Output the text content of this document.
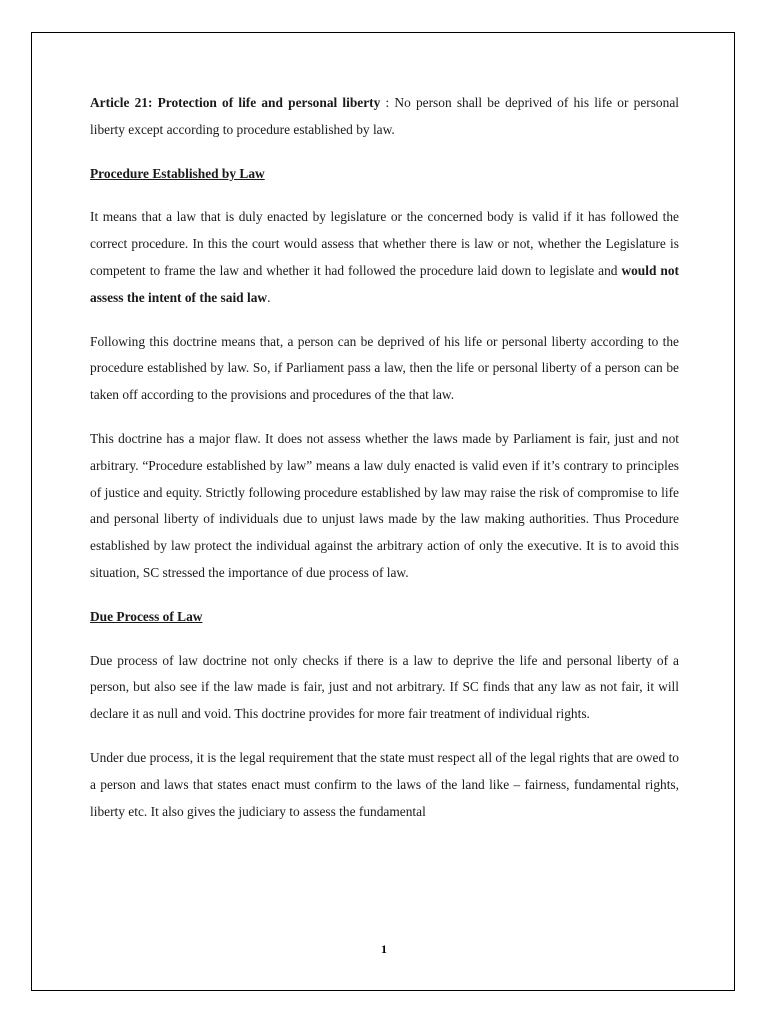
Article 21: Protection of life and personal liberty : No person shall be deprived of his life or personal liberty except according to procedure established by law.

Procedure Established by Law

It means that a law that is duly enacted by legislature or the concerned body is valid if it has followed the correct procedure. In this the court would assess that whether there is law or not, whether the Legislature is competent to frame the law and whether it had followed the procedure laid down to legislate and would not assess the intent of the said law.

Following this doctrine means that, a person can be deprived of his life or personal liberty according to the procedure established by law. So, if Parliament pass a law, then the life or personal liberty of a person can be taken off according to the provisions and procedures of the that law.

This doctrine has a major flaw. It does not assess whether the laws made by Parliament is fair, just and not arbitrary. “Procedure established by law” means a law duly enacted is valid even if it’s contrary to principles of justice and equity. Strictly following procedure established by law may raise the risk of compromise to life and personal liberty of individuals due to unjust laws made by the law making authorities. Thus Procedure established by law protect the individual against the arbitrary action of only the executive. It is to avoid this situation, SC stressed the importance of due process of law.

Due Process of Law

Due process of law doctrine not only checks if there is a law to deprive the life and personal liberty of a person, but also see if the law made is fair, just and not arbitrary. If SC finds that any law as not fair, it will declare it as null and void. This doctrine provides for more fair treatment of individual rights.

Under due process, it is the legal requirement that the state must respect all of the legal rights that are owed to a person and laws that states enact must confirm to the laws of the land like – fairness, fundamental rights, liberty etc. It also gives the judiciary to assess the fundamental

1
